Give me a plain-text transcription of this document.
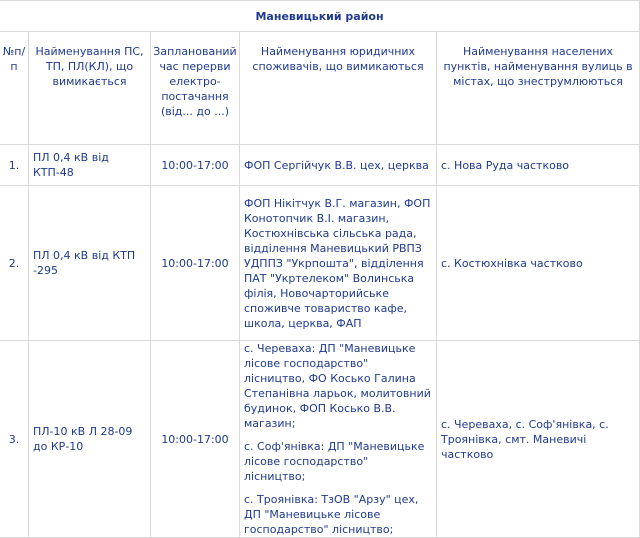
Маневицький район				
№п/п	Найменування ПС, ТП, ПЛ(КЛ), що вимикається	Запланований час перерви електро-постачання (від... до ...)	Найменування юридичних споживачів, що вимикаються	Найменування населених пунктів, найменування вулиць в містах, що знеструмлюються
1.	ПЛ 0,4 кВ від КТП-48	10:00-17:00	ФОП Сергійчук В.В. цех, церква	с. Нова Руда частково
2.	ПЛ 0,4 кВ від КТП -295	10:00-17:00	ФОП Нікітчук В.Г. магазин, ФОП Конотопчик В.І. магазин, Костюхнівська сільська рада, відділення Маневицький РВПЗ УДППЗ "Укрпошта", відділення ПАТ "Укртелеком" Волинська філія, Новочарторийське споживче товариство кафе, школа, церква, ФАП	с. Костюхнівка частково
3.	ПЛ-10 кВ Л 28-09 до КР-10	10:00-17:00	с. Череваха: ДП "Маневицьке лісове господарство" лісництво, ФО Косько Галина Степанівна ларьок, молитовний будинок, ФОП Косько В.В. магазин;

с. Соф'янівка: ДП "Маневицьке лісове господарство" лісництво;

с. Троянівка: ТзОВ "Арзу" цех, ДП "Маневицьке лісове господарство" лісництво;	с. Череваха, с. Соф'янівка, с. Троянівка, смт. Маневичі частково
